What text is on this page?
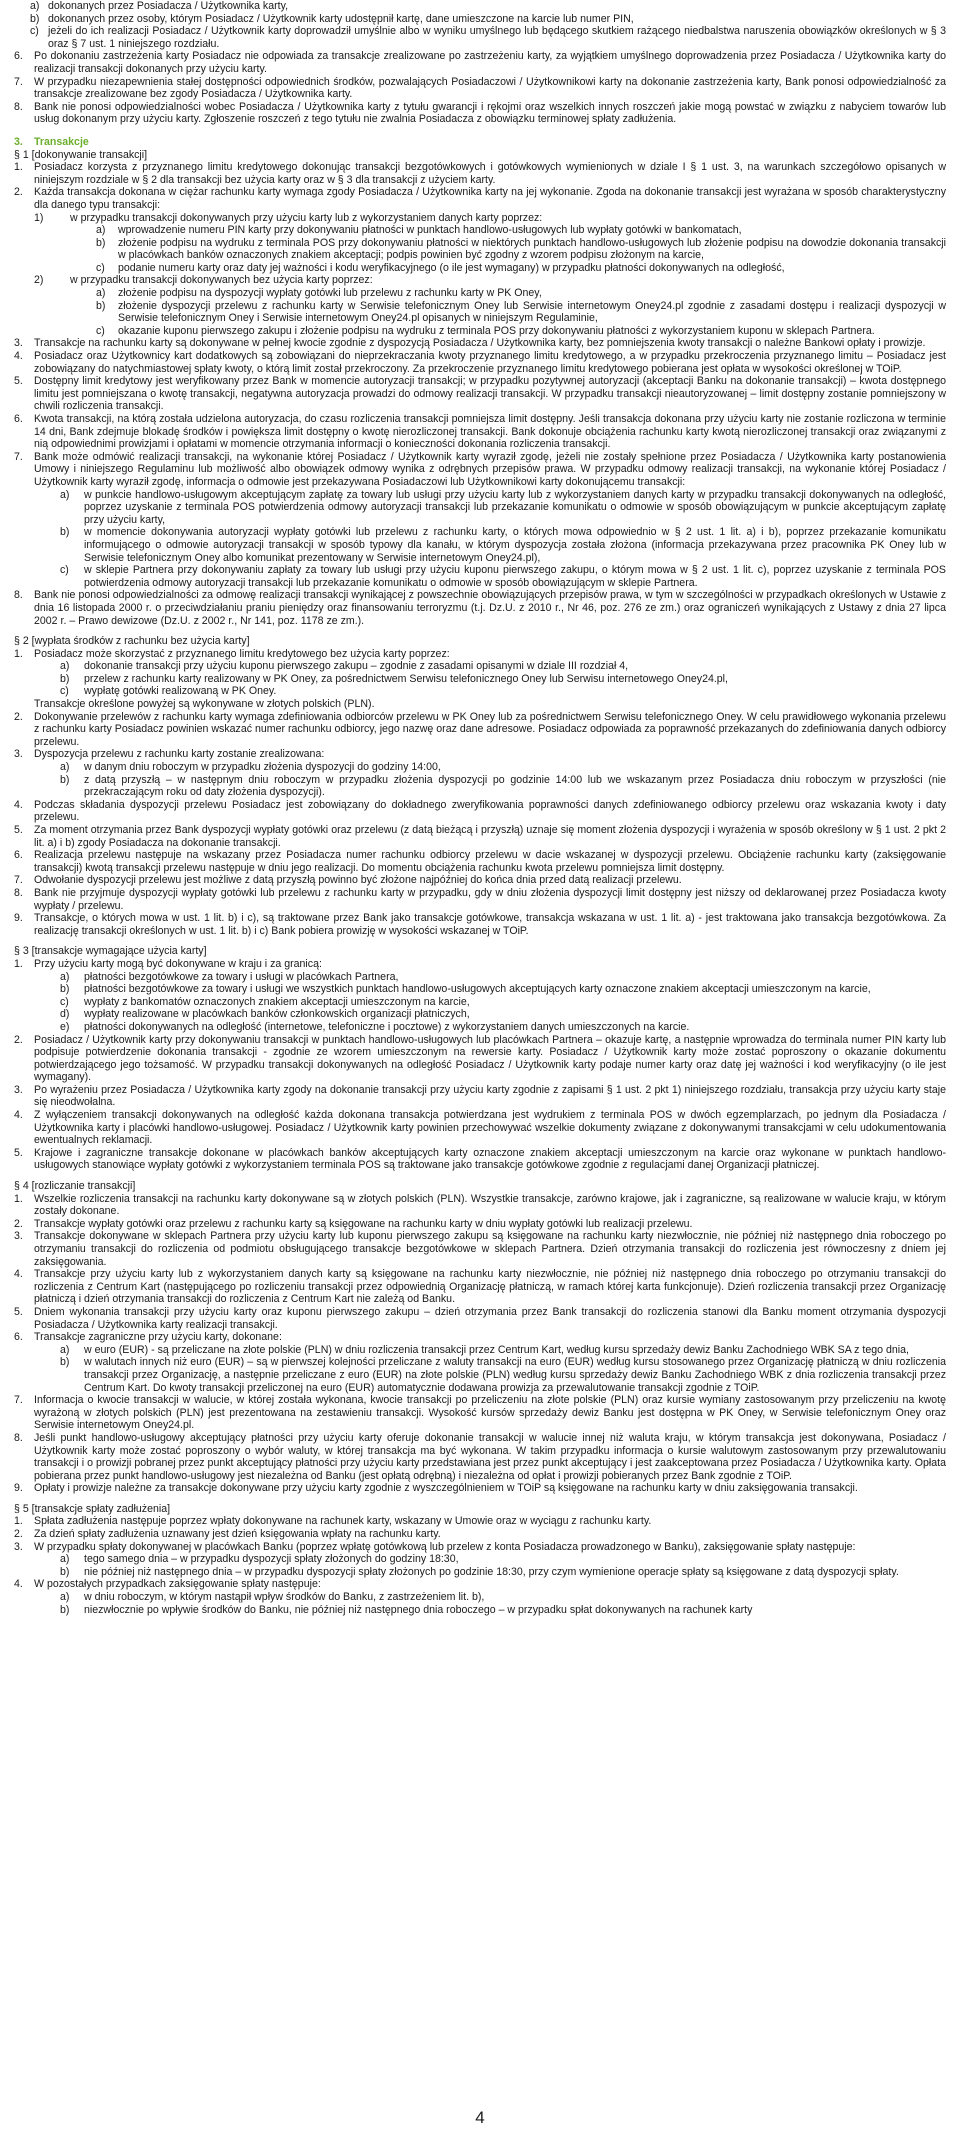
a) dokonanych przez Posiadacza / Użytkownika karty,
b) dokonanych przez osoby, którym Posiadacz / Użytkownik karty udostępnił kartę, dane umieszczone na karcie lub numer PIN,
c) jeżeli do ich realizacji Posiadacz / Użytkownik karty doprowadził umyślnie albo w wyniku umyślnego lub będącego skutkiem rażącego niedbalstwa naruszenia obowiązków określonych w § 3 oraz § 7 ust. 1 niniejszego rozdziału.
6.	Po dokonaniu zastrzeżenia karty Posiadacz nie odpowiada za transakcje zrealizowane po zastrzeżeniu karty, za wyjątkiem umyślnego doprowadzenia przez Posiadacza / Użytkownika karty do realizacji transakcji dokonanych przy użyciu karty.
7.	W przypadku niezapewnienia stałej dostępności odpowiednich środków, pozwalających Posiadaczowi / Użytkownikowi karty na dokonanie zastrzeżenia karty, Bank ponosi odpowiedzialność za transakcje zrealizowane bez zgody Posiadacza / Użytkownika karty.
8.	Bank nie ponosi odpowiedzialności wobec Posiadacza / Użytkownika karty z tytułu gwarancji i rękojmi oraz wszelkich innych roszczeń jakie mogą powstać w związku z nabyciem towarów lub usług dokonanym przy użyciu karty. Zgłoszenie roszczeń z tego tytułu nie zwalnia Posiadacza z obowiązku terminowej spłaty zadłużenia.
3.	Transakcje
§ 1 [dokonywanie transakcji]
1.	Posiadacz korzysta z przyznanego limitu kredytowego dokonując transakcji bezgotówkowych i gotówkowych wymienionych w dziale I § 1 ust. 3, na warunkach szczegółowo opisanych w niniejszym rozdziale w § 2 dla transakcji bez użycia karty oraz w § 3 dla transakcji z użyciem karty.
2.	Każda transakcja dokonana w ciężar rachunku karty wymaga zgody Posiadacza / Użytkownika karty na jej wykonanie. Zgoda na dokonanie transakcji jest wyrażana w sposób charakterystyczny dla danego typu transakcji:
1)	w przypadku transakcji dokonywanych przy użyciu karty lub z wykorzystaniem danych karty poprzez:
a)	wprowadzenie numeru PIN karty przy dokonywaniu płatności w punktach handlowo-usługowych lub wypłaty gotówki w bankomatach,
b)	złożenie podpisu na wydruku z terminala POS przy dokonywaniu płatności w niektórych punktach handlowo-usługowych lub złożenie podpisu na dowodzie dokonania transakcji w placówkach banków oznaczonych znakiem akceptacji; podpis powinien być zgodny z wzorem podpisu złożonym na karcie,
c)	podanie numeru karty oraz daty jej ważności i kodu weryfikacyjnego (o ile jest wymagany) w przypadku płatności dokonywanych na odległość,
2)	w przypadku transakcji dokonywanych bez użycia karty poprzez:
a)	złożenie podpisu na dyspozycji wypłaty gotówki lub przelewu z rachunku karty w PK Oney,
b)	złożenie dyspozycji przelewu z rachunku karty w Serwisie telefonicznym Oney lub Serwisie internetowym Oney24.pl zgodnie z zasadami dostępu i realizacji dyspozycji w Serwisie telefonicznym Oney i Serwisie internetowym Oney24.pl opisanych w niniejszym Regulaminie,
c)	okazanie kuponu pierwszego zakupu i złożenie podpisu na wydruku z terminala POS przy dokonywaniu płatności z wykorzystaniem kuponu w sklepach Partnera.
3.	Transakcje na rachunku karty są dokonywane w pełnej kwocie zgodnie z dyspozycją Posiadacza / Użytkownika karty, bez pomniejszenia kwoty transakcji o należne Bankowi opłaty i prowizje.
4.	Posiadacz oraz Użytkownicy kart dodatkowych są zobowiązani do nieprzekraczania kwoty przyznanego limitu kredytowego, a w przypadku przekroczenia przyznanego limitu – Posiadacz jest zobowiązany do natychmiastowej spłaty kwoty, o którą limit został przekroczony. Za przekroczenie przyznanego limitu kredytowego pobierana jest opłata w wysokości określonej w TOiP.
5.	Dostępny limit kredytowy jest weryfikowany przez Bank w momencie autoryzacji transakcji; w przypadku pozytywnej autoryzacji (akceptacji Banku na dokonanie transakcji) – kwota dostępnego limitu jest pomniejszana o kwotę transakcji, negatywna autoryzacja prowadzi do odmowy realizacji transakcji. W przypadku transakcji nieautoryzowanej – limit dostępny zostanie pomniejszony w chwili rozliczenia transakcji.
6.	Kwota transakcji, na którą została udzielona autoryzacja, do czasu rozliczenia transakcji pomniejsza limit dostępny. Jeśli transakcja dokonana przy użyciu karty nie zostanie rozliczona w terminie 14 dni, Bank zdejmuje blokadę środków i powiększa limit dostępny o kwotę nierozliczonej transakcji. Bank dokonuje obciążenia rachunku karty kwotą nierozliczonej transakcji oraz związanymi z nią odpowiednimi prowizjami i opłatami w momencie otrzymania informacji o konieczności dokonania rozliczenia transakcji.
7.	Bank może odmówić realizacji transakcji, na wykonanie której Posiadacz / Użytkownik karty wyraził zgodę, jeżeli nie zostały spełnione przez Posiadacza / Użytkownika karty postanowienia Umowy i niniejszego Regulaminu lub możliwość albo obowiązek odmowy wynika z odrębnych przepisów prawa. W przypadku odmowy realizacji transakcji, na wykonanie której Posiadacz / Użytkownik karty wyraził zgodę, informacja o odmowie jest przekazywana Posiadaczowi lub Użytkownikowi karty dokonującemu transakcji:
a)	w punkcie handlowo-usługowym akceptującym zapłatę za towary lub usługi przy użyciu karty lub z wykorzystaniem danych karty w przypadku transakcji dokonywanych na odległość, poprzez uzyskanie z terminala POS potwierdzenia odmowy autoryzacji transakcji lub przekazanie komunikatu o odmowie w sposób obowiązującym w punkcie akceptującym zapłatę przy użyciu karty,
b)	w momencie dokonywania autoryzacji wypłaty gotówki lub przelewu z rachunku karty, o których mowa odpowiednio w § 2 ust. 1 lit. a) i b), poprzez przekazanie komunikatu informującego o odmowie autoryzacji transakcji w sposób typowy dla kanału, w którym dyspozycja została złożona (informacja przekazywana przez pracownika PK Oney lub w Serwisie telefonicznym Oney albo komunikat prezentowany w Serwisie internetowym Oney24.pl),
c)	w sklepie Partnera przy dokonywaniu zapłaty za towary lub usługi przy użyciu kuponu pierwszego zakupu, o którym mowa w § 2 ust. 1 lit. c), poprzez uzyskanie z terminala POS potwierdzenia odmowy autoryzacji transakcji lub przekazanie komunikatu o odmowie w sposób obowiązującym w sklepie Partnera.
8.	Bank nie ponosi odpowiedzialności za odmowę realizacji transakcji wynikającej z powszechnie obowiązujących przepisów prawa, w tym w szczególności w przypadkach określonych w Ustawie z dnia 16 listopada 2000 r. o przeciwdziałaniu praniu pieniędzy oraz finansowaniu terroryzmu (t.j. Dz.U. z 2010 r., Nr 46, poz. 276 ze zm.) oraz ograniczeń wynikających z Ustawy z dnia 27 lipca 2002 r. – Prawo dewizowe (Dz.U. z 2002 r., Nr 141, poz. 1178 ze zm.).
§ 2 [wypłata środków z rachunku bez użycia karty]
1.	Posiadacz może skorzystać z przyznanego limitu kredytowego bez użycia karty poprzez:
a)	dokonanie transakcji przy użyciu kuponu pierwszego zakupu – zgodnie z zasadami opisanymi w dziale III rozdział 4,
b)	przelew z rachunku karty realizowany w PK Oney, za pośrednictwem Serwisu telefonicznego Oney lub Serwisu internetowego Oney24.pl,
c)	wypłatę gotówki realizowaną w PK Oney.
Transakcje określone powyżej są wykonywane w złotych polskich (PLN).
2.	Dokonywanie przelewów z rachunku karty wymaga zdefiniowania odbiorców przelewu w PK Oney lub za pośrednictwem Serwisu telefonicznego Oney. W celu prawidłowego wykonania przelewu z rachunku karty Posiadacz powinien wskazać numer rachunku odbiorcy, jego nazwę oraz dane adresowe. Posiadacz odpowiada za poprawność przekazanych do zdefiniowania danych odbiorcy przelewu.
3.	Dyspozycja przelewu z rachunku karty zostanie zrealizowana:
a)	w danym dniu roboczym w przypadku złożenia dyspozycji do godziny 14:00,
b)	z datą przyszłą – w następnym dniu roboczym w przypadku złożenia dyspozycji po godzinie 14:00 lub we wskazanym przez Posiadacza dniu roboczym w przyszłości (nie przekraczającym roku od daty złożenia dyspozycji).
4.	Podczas składania dyspozycji przelewu Posiadacz jest zobowiązany do dokładnego zweryfikowania poprawności danych zdefiniowanego odbiorcy przelewu oraz wskazania kwoty i daty przelewu.
5.	Za moment otrzymania przez Bank dyspozycji wypłaty gotówki oraz przelewu (z datą bieżącą i przyszłą) uznaje się moment złożenia dyspozycji i wyrażenia w sposób określony w § 1 ust. 2 pkt 2 lit. a) i b) zgody Posiadacza na dokonanie transakcji.
6.	Realizacja przelewu następuje na wskazany przez Posiadacza numer rachunku odbiorcy przelewu w dacie wskazanej w dyspozycji przelewu. Obciążenie rachunku karty (zaksięgowanie transakcji) kwotą transakcji przelewu następuje w dniu jego realizacji. Do momentu obciążenia rachunku kwota przelewu pomniejsza limit dostępny.
7.	Odwołanie dyspozycji przelewu jest możliwe z datą przyszłą powinno być złożone najpóźniej do końca dnia przed datą realizacji przelewu.
8.	Bank nie przyjmuje dyspozycji wypłaty gotówki lub przelewu z rachunku karty w przypadku, gdy w dniu złożenia dyspozycji limit dostępny jest niższy od deklarowanej przez Posiadacza kwoty wypłaty / przelewu.
9.	Transakcje, o których mowa w ust. 1 lit. b) i c), są traktowane przez Bank jako transakcje gotówkowe, transakcja wskazana w ust. 1 lit. a) - jest traktowana jako transakcja bezgotówkowa. Za realizację transakcji określonych w ust. 1 lit. b) i c) Bank pobiera prowizję w wysokości wskazanej w TOiP.
§ 3 [transakcje wymagające użycia karty]
1.	Przy użyciu karty mogą być dokonywane w kraju i za granicą:
a)	płatności bezgotówkowe za towary i usługi w placówkach Partnera,
b)	płatności bezgotówkowe za towary i usługi we wszystkich punktach handlowo-usługowych akceptujących karty oznaczone znakiem akceptacji umieszczonym na karcie,
c)	wypłaty z bankomatów oznaczonych znakiem akceptacji umieszczonym na karcie,
d)	wypłaty realizowane w placówkach banków członkowskich organizacji płatniczych,
e)	płatności dokonywanych na odległość (internetowe, telefoniczne i pocztowe) z wykorzystaniem danych umieszczonych na karcie.
2.	Posiadacz / Użytkownik karty przy dokonywaniu transakcji w punktach handlowo-usługowych lub placówkach Partnera – okazuje kartę, a następnie wprowadza do terminala numer PIN karty lub podpisuje potwierdzenie dokonania transakcji - zgodnie ze wzorem umieszczonym na rewersie karty. Posiadacz / Użytkownik karty może zostać poproszony o okazanie dokumentu potwierdzającego jego tożsamość. W przypadku transakcji dokonywanych na odległość Posiadacz / Użytkownik karty podaje numer karty oraz datę jej ważności i kod weryfikacyjny (o ile jest wymagany).
3.	Po wyrażeniu przez Posiadacza / Użytkownika karty zgody na dokonanie transakcji przy użyciu karty zgodnie z zapisami § 1 ust. 2 pkt 1) niniejszego rozdziału, transakcja przy użyciu karty staje się nieodwołalna.
4.	Z wyłączeniem transakcji dokonywanych na odległość każda dokonana transakcja potwierdzana jest wydrukiem z terminala POS w dwóch egzemplarzach, po jednym dla Posiadacza / Użytkownika karty i placówki handlowo-usługowej. Posiadacz / Użytkownik karty powinien przechowywać wszelkie dokumenty związane z dokonywanymi transakcjami w celu udokumentowania ewentualnych reklamacji.
5.	Krajowe i zagraniczne transakcje dokonane w placówkach banków akceptujących karty oznaczone znakiem akceptacji umieszczonym na karcie oraz wykonane w punktach handlowo-usługowych stanowiące wypłaty gotówki z wykorzystaniem terminala POS są traktowane jako transakcje gotówkowe zgodnie z regulacjami danej Organizacji płatniczej.
§ 4 [rozliczanie transakcji]
1.	Wszelkie rozliczenia transakcji na rachunku karty dokonywane są w złotych polskich (PLN). Wszystkie transakcje, zarówno krajowe, jak i zagraniczne, są realizowane w walucie kraju, w którym zostały dokonane.
2.	Transakcje wypłaty gotówki oraz przelewu z rachunku karty są księgowane na rachunku karty w dniu wypłaty gotówki lub realizacji przelewu.
3.	Transakcje dokonywane w sklepach Partnera przy użyciu karty lub kuponu pierwszego zakupu są księgowane na rachunku karty niezwłocznie, nie później niż następnego dnia roboczego po otrzymaniu transakcji do rozliczenia od podmiotu obsługującego transakcje bezgotówkowe w sklepach Partnera. Dzień otrzymania transakcji do rozliczenia jest równoczesny z dniem jej zaksięgowania.
4.	Transakcje przy użyciu karty lub z wykorzystaniem danych karty są księgowane na rachunku karty niezwłocznie, nie później niż następnego dnia roboczego po otrzymaniu transakcji do rozliczenia z Centrum Kart (następującego po rozliczeniu transakcji przez odpowiednią Organizację płatniczą, w ramach której karta funkcjonuje). Dzień rozliczenia transakcji przez Organizację płatniczą i dzień otrzymania transakcji do rozliczenia z Centrum Kart nie zależą od Banku.
5.	Dniem wykonania transakcji przy użyciu karty oraz kuponu pierwszego zakupu – dzień otrzymania przez Bank transakcji do rozliczenia stanowi dla Banku moment otrzymania dyspozycji Posiadacza / Użytkownika karty realizacji transakcji.
6.	Transakcje zagraniczne przy użyciu karty, dokonane:
a)	w euro (EUR) - są przeliczane na złote polskie (PLN) w dniu rozliczenia transakcji przez Centrum Kart, według kursu sprzedaży dewiz Banku Zachodniego WBK SA z tego dnia,
b)	w walutach innych niż euro (EUR) – są w pierwszej kolejności przeliczane z waluty transakcji na euro (EUR) według kursu stosowanego przez Organizację płatniczą w dniu rozliczenia transakcji przez Organizację, a następnie przeliczane z euro (EUR) na złote polskie (PLN) według kursu sprzedaży dewiz Banku Zachodniego WBK z dnia rozliczenia transakcji przez Centrum Kart. Do kwoty transakcji przeliczonej na euro (EUR) automatycznie dodawana prowizja za przewalutowanie transakcji zgodnie z TOiP.
7.	Informacja o kwocie transakcji w walucie, w której została wykonana, kwocie transakcji po przeliczeniu na złote polskie (PLN) oraz kursie wymiany zastosowanym przy przeliczeniu na kwotę wyrażoną w złotych polskich (PLN) jest prezentowana na zestawieniu transakcji. Wysokość kursów sprzedaży dewiz Banku jest dostępna w PK Oney, w Serwisie telefonicznym Oney oraz Serwisie internetowym Oney24.pl.
8.	Jeśli punkt handlowo-usługowy akceptujący płatności przy użyciu karty oferuje dokonanie transakcji w walucie innej niż waluta kraju, w którym transakcja jest dokonywana, Posiadacz / Użytkownik karty może zostać poproszony o wybór waluty, w której transakcja ma być wykonana. W takim przypadku informacja o kursie walutowym zastosowanym przy przewalutowaniu transakcji i o prowizji pobranej przez punkt akceptujący płatności przy użyciu karty przedstawiana jest przez punkt akceptujący i jest zaakceptowana przez Posiadacza / Użytkownika karty. Opłata pobierana przez punkt handlowo-usługowy jest niezależna od Banku (jest opłatą odrębną) i niezależna od opłat i prowizji pobieranych przez Bank zgodnie z TOiP.
9.	Opłaty i prowizje należne za transakcje dokonywane przy użyciu karty zgodnie z wyszczególnieniem w TOiP są księgowane na rachunku karty w dniu zaksięgowania transakcji.
§ 5 [transakcje spłaty zadłużenia]
1.	Spłata zadłużenia następuje poprzez wpłaty dokonywane na rachunek karty, wskazany w Umowie oraz w wyciągu z rachunku karty.
2.	Za dzień spłaty zadłużenia uznawany jest dzień księgowania wpłaty na rachunku karty.
3.	W przypadku spłaty dokonywanej w placówkach Banku (poprzez wpłatę gotówkową lub przelew z konta Posiadacza prowadzonego w Banku), zaksięgowanie spłaty następuje:
a)	tego samego dnia – w przypadku dyspozycji spłaty złożonych do godziny 18:30,
b)	nie później niż następnego dnia – w przypadku dyspozycji spłaty złożonych po godzinie 18:30, przy czym wymienione operacje spłaty są księgowane z datą dyspozycji spłaty.
4.	W pozostałych przypadkach zaksięgowanie spłaty następuje:
a)	w dniu roboczym, w którym nastąpił wpływ środków do Banku, z zastrzeżeniem lit. b),
b)	niezwłocznie po wpływie środków do Banku, nie później niż następnego dnia roboczego – w przypadku spłat dokonywanych na rachunek karty
4
